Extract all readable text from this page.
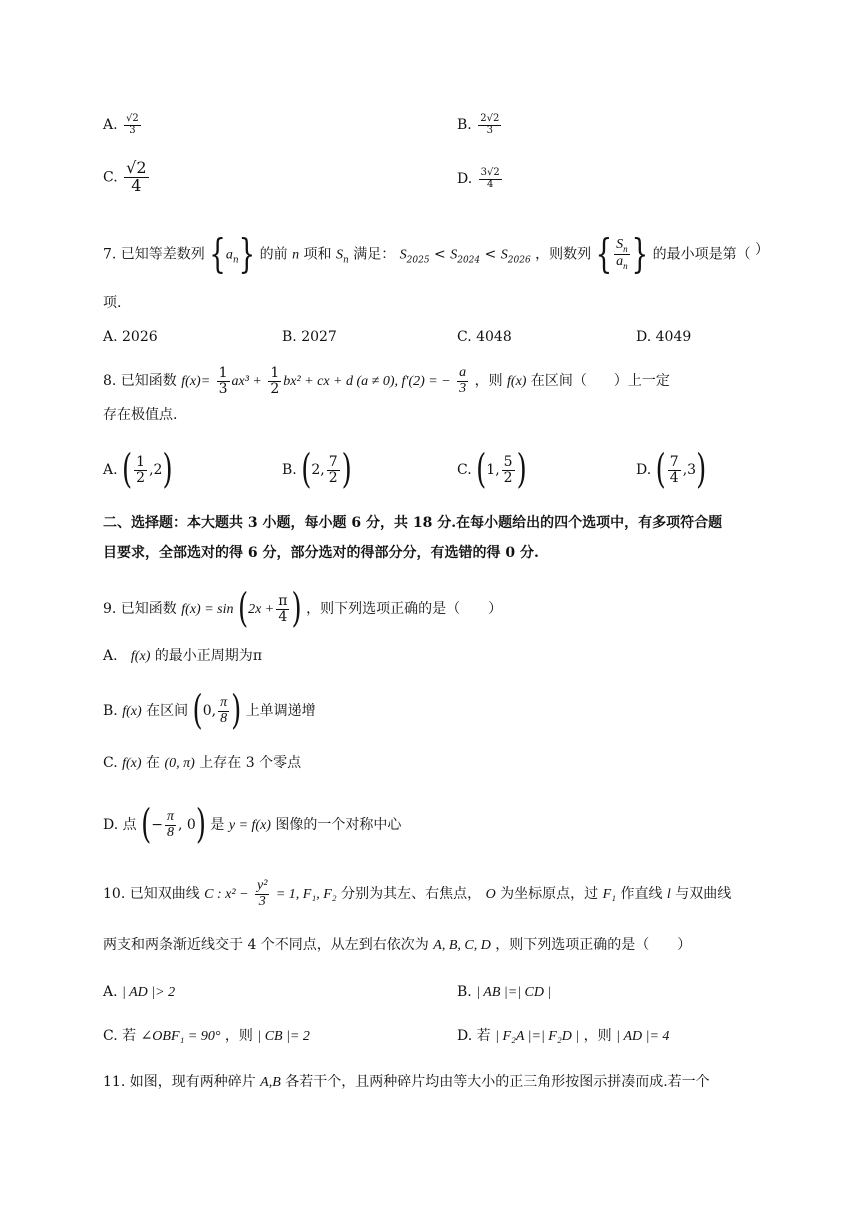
A. $\frac{√2}{3}$	B. $\frac{2√2}{3}$
C. $\frac{√2}{4}$	D. $\frac{3√2}{4}$
7. 已知等差数列 $\{a_n\}$ 的前 n 项和 $S_n$ 满足： $S_{2025} < S_{2024} < S_{2026}$ ，则数列 { $\frac{S_n}{a_n}$ } 的最小项是第（ ）
项.
A. 2026	B. 2027	C. 4048	D. 4049
8. 已知函数 $f(x)= \frac{1}{3} ax^3 + \frac{1}{2} bx^2$ + cx + d (a ≠ 0), f′(2) = − $\frac{a}{3}$ ，则 f(x) 在区间（ ）上一定
存在极值点.
A. ( $\frac{1}{2} ,2$)	B. (2, $\frac{7}{2}$ )	C. (1, $\frac{5}{2}$ )	D. ( $\frac{7}{4} ,3$)
二、选择题：本大题共 3 小题，每小题 6 分，共 18 分.在每小题给出的四个选项中，有多项符合题
目要求，全部选对的得 6 分，部分选对的得部分分，有选错的得 0 分.
9. 已知函数 $f(x) = \sin (2x + \frac{\pi}{4}$ ) ，则下列选项正确的是（　　）
A. f(x) 的最小正周期为π
B. f(x) 在区间 (0, $\frac{\pi}{8}$ ) 上单调递增
C. f(x) 在 (0, π) 上存在 3 个零点
D. 点 (− $\frac{\pi}{8}$ , 0) 是 y = f(x) 图像的一个对称中心
10. 已知双曲线 C : $x^2 - \frac{\text{y²}}{3} = 1$, F₁, F₂ 分别为其左、右焦点， O 为坐标原点，过 F₁ 作直线 l 与双曲线
两支和两条渐近线交于 4 个不同点，从左到右依次为 A, B, C, D ，则下列选项正确的是（　　）
A. | AD |> 2	B. | AB |=| CD |
C. 若 ∠OBF₁ = 90° ，则 | CB |= 2	D. 若 | F₂A |=| F₂D | ，则 | AD |= 4
11. 如图，现有两种碎片 A,B 各若干个，且两种碎片均由等大小的正三角形按图示拼凑而成.若一个
